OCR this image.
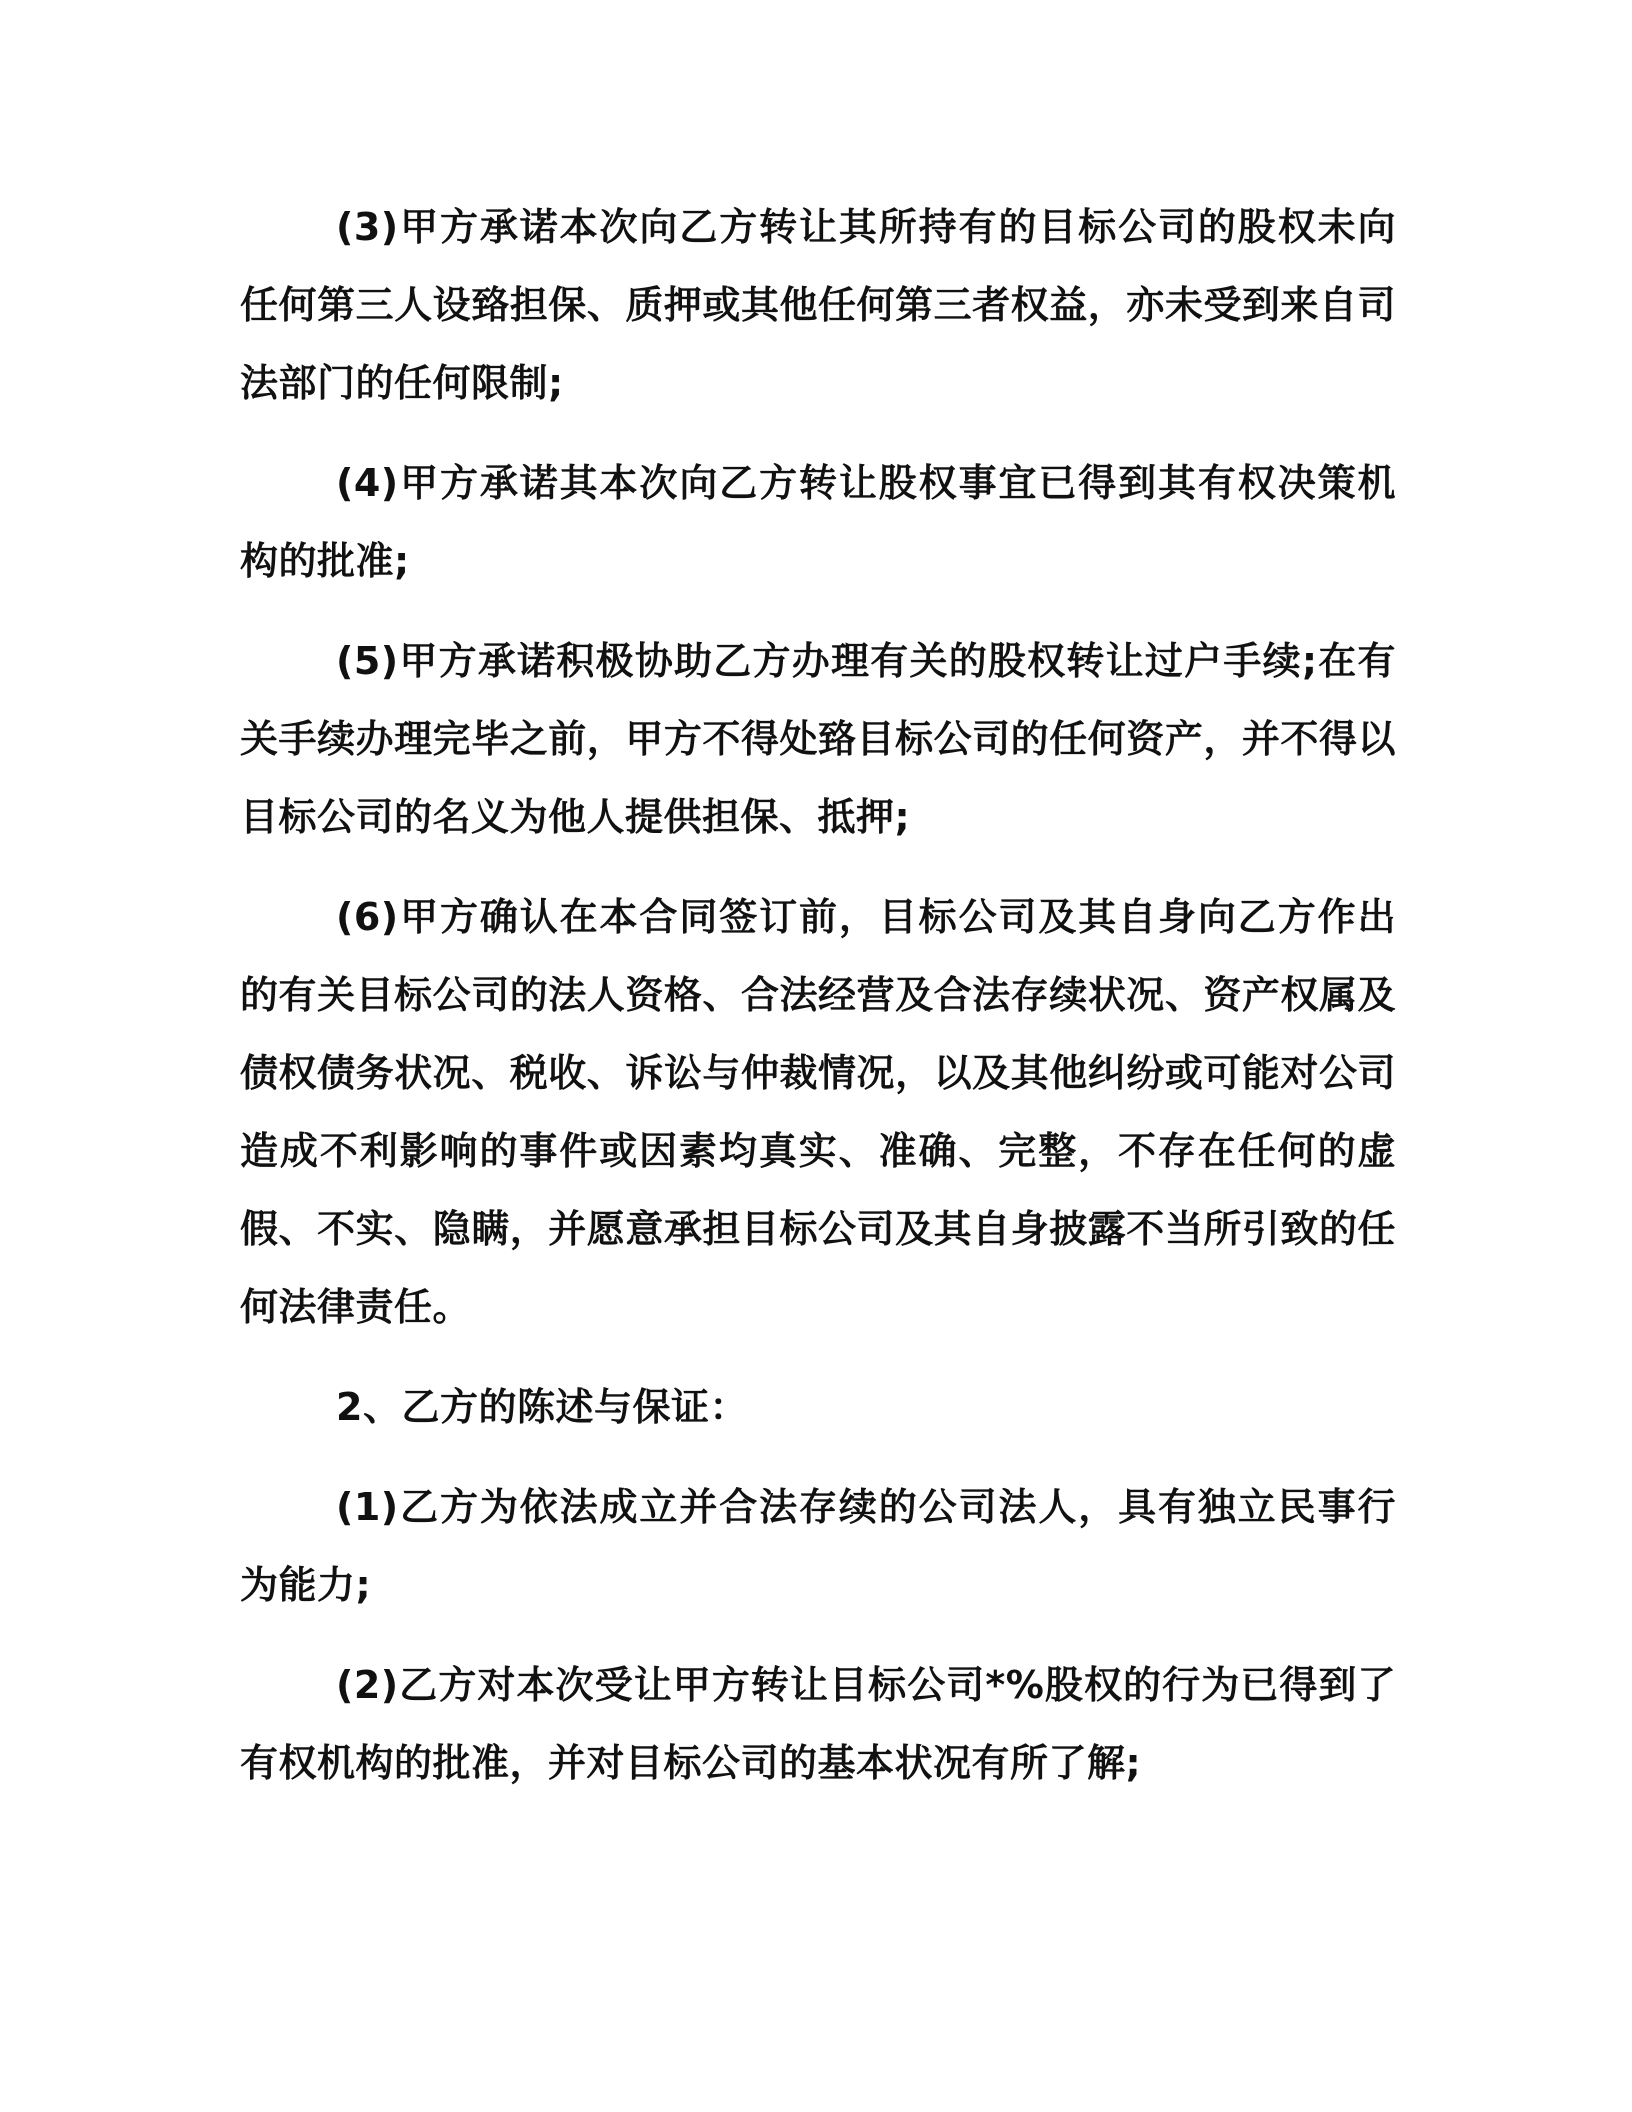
(3)甲方承诺本次向乙方转让其所持有的目标公司的股权未向任何第三人设臵担保、质押或其他任何第三者权益，亦未受到来自司法部门的任何限制;

(4)甲方承诺其本次向乙方转让股权事宜已得到其有权决策机构的批准;

(5)甲方承诺积极协助乙方办理有关的股权转让过户手续;在有关手续办理完毕之前，甲方不得处臵目标公司的任何资产，并不得以目标公司的名义为他人提供担保、抵押;

(6)甲方确认在本合同签订前，目标公司及其自身向乙方作出的有关目标公司的法人资格、合法经营及合法存续状况、资产权属及债权债务状况、税收、诉讼与仲裁情况，以及其他纠纷或可能对公司造成不利影响的事件或因素均真实、准确、完整，不存在任何的虚假、不实、隐瞒，并愿意承担目标公司及其自身披露不当所引致的任何法律责任。

2、乙方的陈述与保证：

(1)乙方为依法成立并合法存续的公司法人，具有独立民事行为能力;

(2)乙方对本次受让甲方转让目标公司*%股权的行为已得到了有权机构的批准，并对目标公司的基本状况有所了解;
